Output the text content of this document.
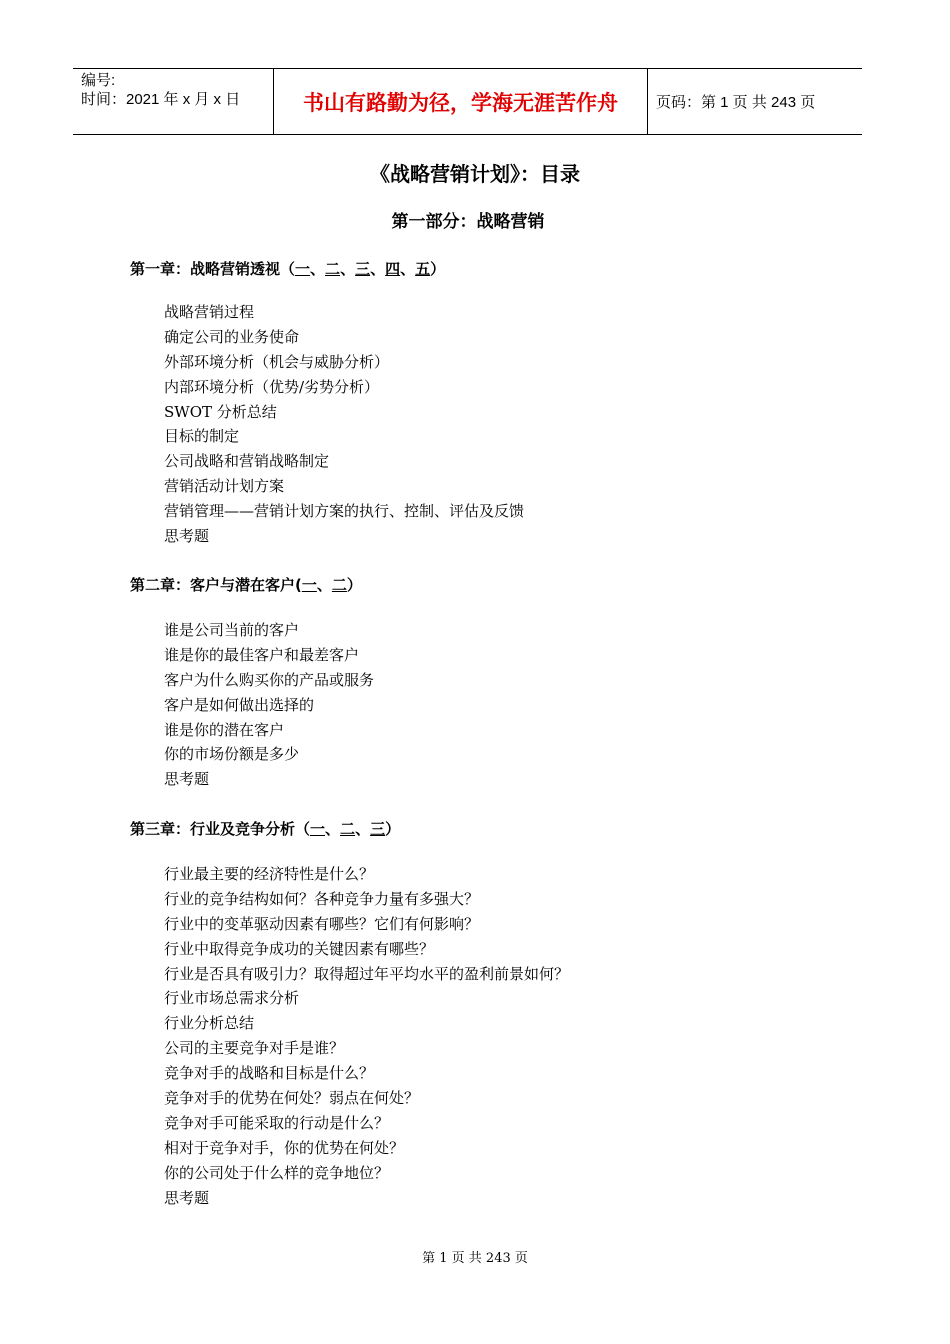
编号:
时间：2021 年 x 月 x 日	书山有路勤为径，学海无涯苦作舟	页码：第 1 页 共 243 页
《战略营销计划》：目录
第一部分：战略营销
第一章：战略营销透视（一、二、三、四、五）
战略营销过程
确定公司的业务使命
外部环境分析（机会与威胁分析）
内部环境分析（优势/劣势分析）
SWOT 分析总结
目标的制定
公司战略和营销战略制定
营销活动计划方案
营销管理——营销计划方案的执行、控制、评估及反馈
思考题
第二章：客户与潜在客户(一、二）
谁是公司当前的客户
谁是你的最佳客户和最差客户
客户为什么购买你的产品或服务
客户是如何做出选择的
谁是你的潜在客户
你的市场份额是多少
思考题
第三章：行业及竞争分析（一、二、三）
行业最主要的经济特性是什么？
行业的竞争结构如何？各种竞争力量有多强大？
行业中的变革驱动因素有哪些？它们有何影响？
行业中取得竞争成功的关键因素有哪些？
行业是否具有吸引力？取得超过年平均水平的盈利前景如何？
行业市场总需求分析
行业分析总结
公司的主要竞争对手是谁？
竞争对手的战略和目标是什么？
竞争对手的优势在何处？弱点在何处？
竞争对手可能采取的行动是什么？
相对于竞争对手，你的优势在何处？
你的公司处于什么样的竞争地位？
思考题
第 1 页 共 243 页
